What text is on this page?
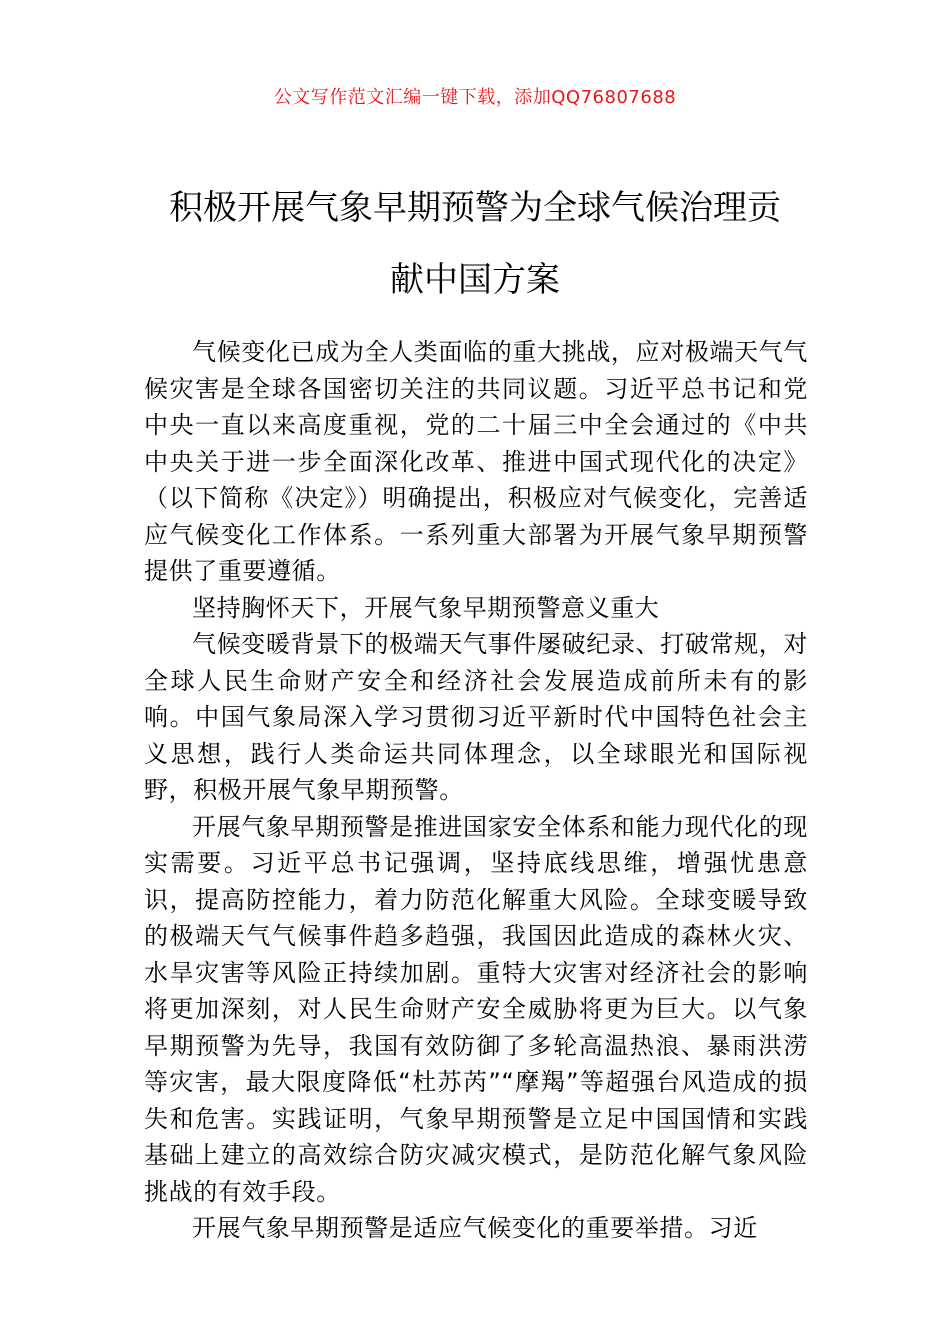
公文写作范文汇编一键下载，添加QQ76807688
积极开展气象早期预警为全球气候治理贡
献中国方案

气候变化已成为全人类面临的重大挑战，应对极端天气气候灾害是全球各国密切关注的共同议题。习近平总书记和党中央一直以来高度重视，党的二十届三中全会通过的《中共中央关于进一步全面深化改革、推进中国式现代化的决定》（以下简称《决定》）明确提出，积极应对气候变化，完善适应气候变化工作体系。一系列重大部署为开展气象早期预警提供了重要遵循。

坚持胸怀天下，开展气象早期预警意义重大

气候变暖背景下的极端天气事件屡破纪录、打破常规，对全球人民生命财产安全和经济社会发展造成前所未有的影响。中国气象局深入学习贯彻习近平新时代中国特色社会主义思想，践行人类命运共同体理念，以全球眼光和国际视野，积极开展气象早期预警。

开展气象早期预警是推进国家安全体系和能力现代化的现实需要。习近平总书记强调，坚持底线思维，增强忧患意识，提高防控能力，着力防范化解重大风险。全球变暖导致的极端天气气候事件趋多趋强，我国因此造成的森林火灾、水旱灾害等风险正持续加剧。重特大灾害对经济社会的影响将更加深刻，对人民生命财产安全威胁将更为巨大。以气象早期预警为先导，我国有效防御了多轮高温热浪、暴雨洪涝等灾害，最大限度降低“杜苏芮”“摩羯”等超强台风造成的损失和危害。实践证明，气象早期预警是立足中国国情和实践基础上建立的高效综合防灾减灾模式，是防范化解气象风险挑战的有效手段。

开展气象早期预警是适应气候变化的重要举措。习近
